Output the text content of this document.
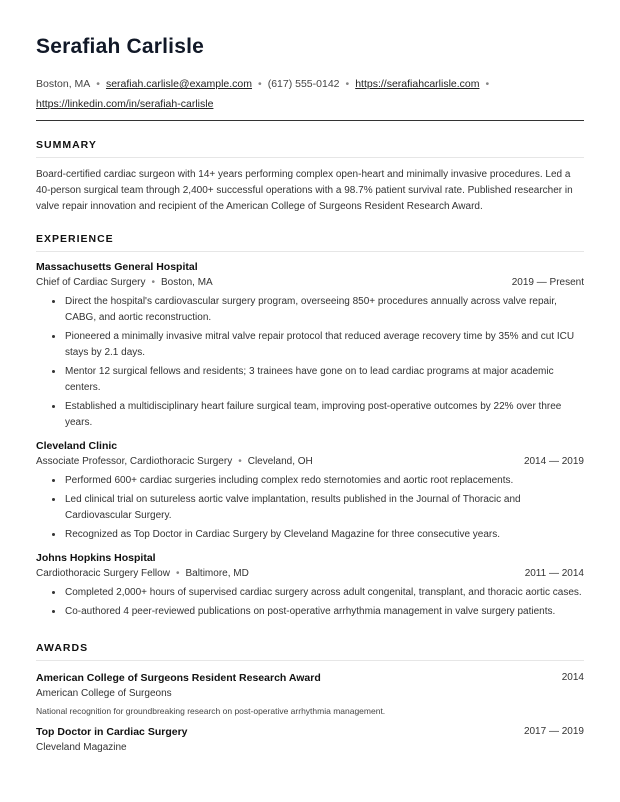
Serafiah Carlisle
Boston, MA • serafiah.carlisle@example.com • (617) 555-0142 • https://serafiahcarlisle.com •
https://linkedin.com/in/serafiah-carlisle
SUMMARY
Board-certified cardiac surgeon with 14+ years performing complex open-heart and minimally invasive procedures. Led a 40-person surgical team through 2,400+ successful operations with a 98.7% patient survival rate. Published researcher in valve repair innovation and recipient of the American College of Surgeons Resident Research Award.
EXPERIENCE
Massachusetts General Hospital
Chief of Cardiac Surgery • Boston, MA	2019 — Present
• Direct the hospital's cardiovascular surgery program, overseeing 850+ procedures annually across valve repair, CABG, and aortic reconstruction.
• Pioneered a minimally invasive mitral valve repair protocol that reduced average recovery time by 35% and cut ICU stays by 2.1 days.
• Mentor 12 surgical fellows and residents; 3 trainees have gone on to lead cardiac programs at major academic centers.
• Established a multidisciplinary heart failure surgical team, improving post-operative outcomes by 22% over three years.
Cleveland Clinic
Associate Professor, Cardiothoracic Surgery • Cleveland, OH	2014 — 2019
• Performed 600+ cardiac surgeries including complex redo sternotomies and aortic root replacements.
• Led clinical trial on sutureless aortic valve implantation, results published in the Journal of Thoracic and Cardiovascular Surgery.
• Recognized as Top Doctor in Cardiac Surgery by Cleveland Magazine for three consecutive years.
Johns Hopkins Hospital
Cardiothoracic Surgery Fellow • Baltimore, MD	2011 — 2014
• Completed 2,000+ hours of supervised cardiac surgery across adult congenital, transplant, and thoracic aortic cases.
• Co-authored 4 peer-reviewed publications on post-operative arrhythmia management in valve surgery patients.
AWARDS
American College of Surgeons Resident Research Award	2014
American College of Surgeons
National recognition for groundbreaking research on post-operative arrhythmia management.
Top Doctor in Cardiac Surgery	2017 — 2019
Cleveland Magazine
